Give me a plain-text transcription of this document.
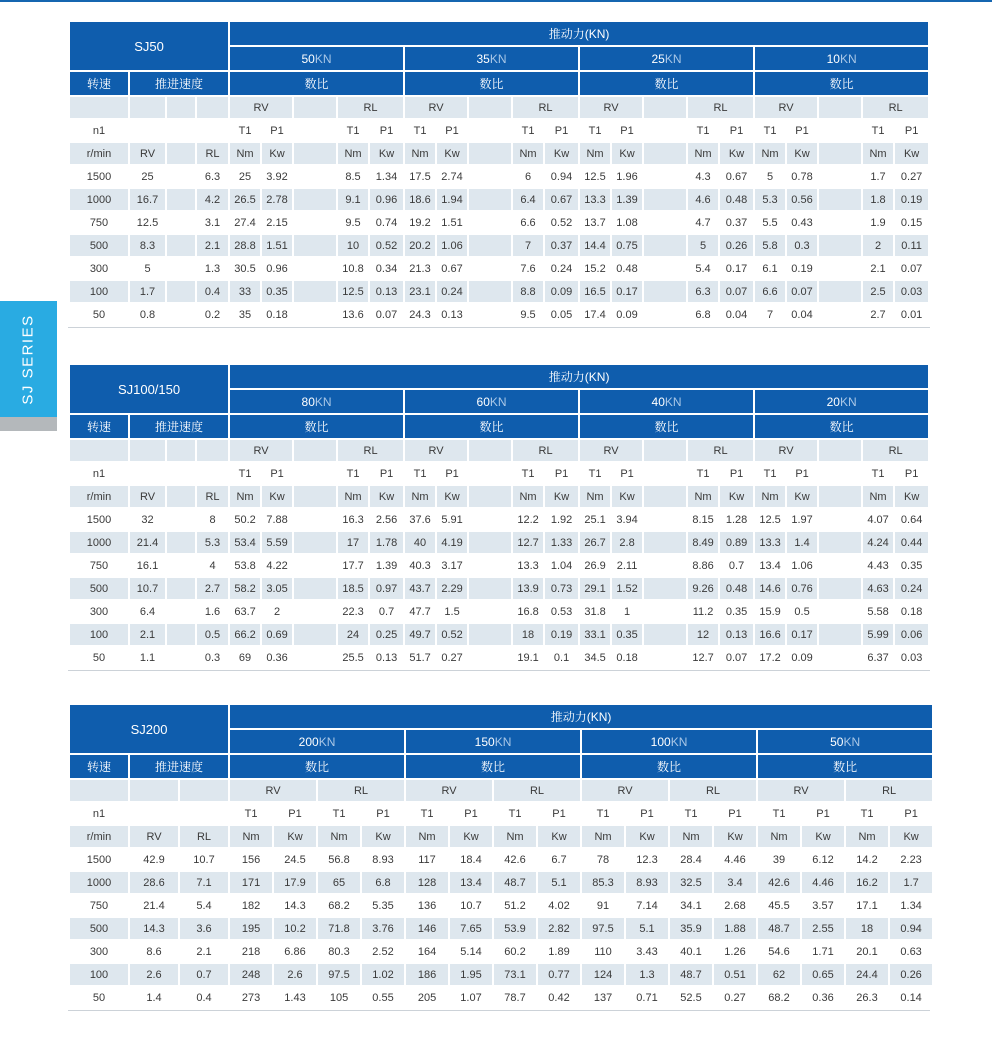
SJ SERIES
SJ50				推动力(KN)																			
				50KN					35KN					25KN					10KN				
转速	推进速度			数比					数比					数比					数比				
				RV			RL		RV			RL		RV			RL		RV			RL	
n1				T1	P1		T1	P1	T1	P1		T1	P1	T1	P1		T1	P1	T1	P1		T1	P1
r/min	RV		RL	Nm	Kw		Nm	Kw	Nm	Kw		Nm	Kw	Nm	Kw		Nm	Kw	Nm	Kw		Nm	Kw
1500	25		6.3	25	3.92		8.5	1.34	17.5	2.74		6	0.94	12.5	1.96		4.3	0.67	5	0.78		1.7	0.27
1000	16.7		4.2	26.5	2.78		9.1	0.96	18.6	1.94		6.4	0.67	13.3	1.39		4.6	0.48	5.3	0.56		1.8	0.19
750	12.5		3.1	27.4	2.15		9.5	0.74	19.2	1.51		6.6	0.52	13.7	1.08		4.7	0.37	5.5	0.43		1.9	0.15
500	8.3		2.1	28.8	1.51		10	0.52	20.2	1.06		7	0.37	14.4	0.75		5	0.26	5.8	0.3		2	0.11
300	5		1.3	30.5	0.96		10.8	0.34	21.3	0.67		7.6	0.24	15.2	0.48		5.4	0.17	6.1	0.19		2.1	0.07
100	1.7		0.4	33	0.35		12.5	0.13	23.1	0.24		8.8	0.09	16.5	0.17		6.3	0.07	6.6	0.07		2.5	0.03
50	0.8		0.2	35	0.18		13.6	0.07	24.3	0.13		9.5	0.05	17.4	0.09		6.8	0.04	7	0.04		2.7	0.01
SJ100/150				推动力(KN)																			
				80KN					60KN					40KN					20KN				
转速	推进速度			数比					数比					数比					数比				
				RV			RL		RV			RL		RV			RL		RV			RL	
n1				T1	P1		T1	P1	T1	P1		T1	P1	T1	P1		T1	P1	T1	P1		T1	P1
r/min	RV		RL	Nm	Kw		Nm	Kw	Nm	Kw		Nm	Kw	Nm	Kw		Nm	Kw	Nm	Kw		Nm	Kw
1500	32		8	50.2	7.88		16.3	2.56	37.6	5.91		12.2	1.92	25.1	3.94		8.15	1.28	12.5	1.97		4.07	0.64
1000	21.4		5.3	53.4	5.59		17	1.78	40	4.19		12.7	1.33	26.7	2.8		8.49	0.89	13.3	1.4		4.24	0.44
750	16.1		4	53.8	4.22		17.7	1.39	40.3	3.17		13.3	1.04	26.9	2.11		8.86	0.7	13.4	1.06		4.43	0.35
500	10.7		2.7	58.2	3.05		18.5	0.97	43.7	2.29		13.9	0.73	29.1	1.52		9.26	0.48	14.6	0.76		4.63	0.24
300	6.4		1.6	63.7	2		22.3	0.7	47.7	1.5		16.8	0.53	31.8	1		11.2	0.35	15.9	0.5		5.58	0.18
100	2.1		0.5	66.2	0.69		24	0.25	49.7	0.52		18	0.19	33.1	0.35		12	0.13	16.6	0.17		5.99	0.06
50	1.1		0.3	69	0.36		25.5	0.13	51.7	0.27		19.1	0.1	34.5	0.18		12.7	0.07	17.2	0.09		6.37	0.03
SJ200			推动力(KN)															
			200KN				150KN				100KN				50KN			
转速	推进速度		数比				数比				数比				数比			
			RV		RL		RV		RL		RV		RL		RV		RL	
n1			T1	P1	T1	P1	T1	P1	T1	P1	T1	P1	T1	P1	T1	P1	T1	P1
r/min	RV	RL	Nm	Kw	Nm	Kw	Nm	Kw	Nm	Kw	Nm	Kw	Nm	Kw	Nm	Kw	Nm	Kw
1500	42.9	10.7	156	24.5	56.8	8.93	117	18.4	42.6	6.7	78	12.3	28.4	4.46	39	6.12	14.2	2.23
1000	28.6	7.1	171	17.9	65	6.8	128	13.4	48.7	5.1	85.3	8.93	32.5	3.4	42.6	4.46	16.2	1.7
750	21.4	5.4	182	14.3	68.2	5.35	136	10.7	51.2	4.02	91	7.14	34.1	2.68	45.5	3.57	17.1	1.34
500	14.3	3.6	195	10.2	71.8	3.76	146	7.65	53.9	2.82	97.5	5.1	35.9	1.88	48.7	2.55	18	0.94
300	8.6	2.1	218	6.86	80.3	2.52	164	5.14	60.2	1.89	110	3.43	40.1	1.26	54.6	1.71	20.1	0.63
100	2.6	0.7	248	2.6	97.5	1.02	186	1.95	73.1	0.77	124	1.3	48.7	0.51	62	0.65	24.4	0.26
50	1.4	0.4	273	1.43	105	0.55	205	1.07	78.7	0.42	137	0.71	52.5	0.27	68.2	0.36	26.3	0.14
